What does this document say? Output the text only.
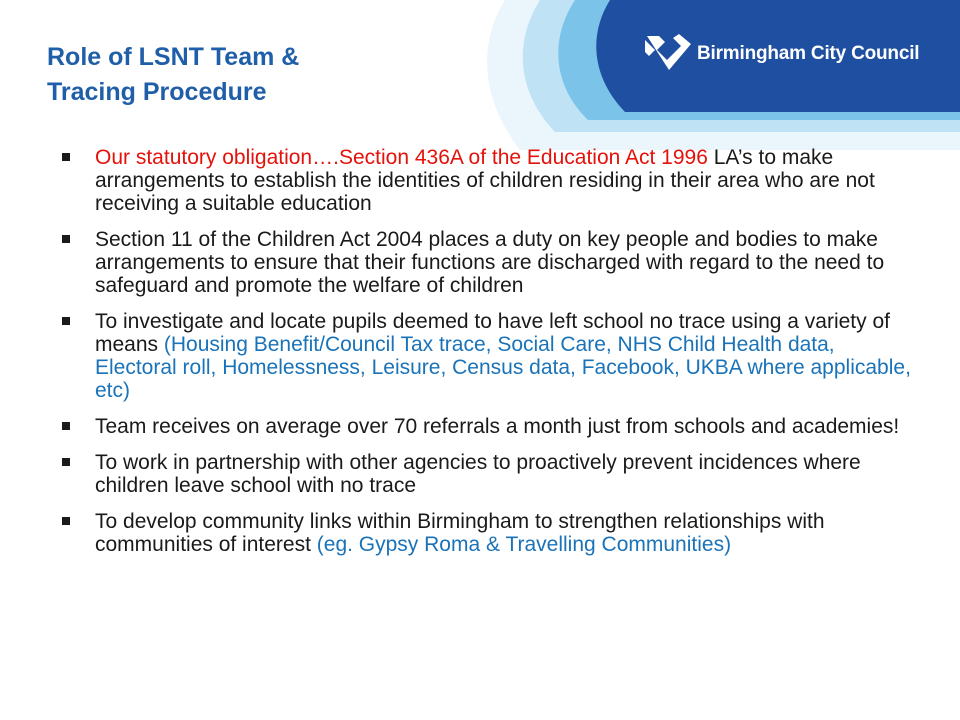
Role of LSNT Team &
Tracing Procedure
Birmingham City Council
Our statutory obligation….Section 436A of the Education Act 1996 LA’s to make arrangements to establish the identities of children residing in their area who are not receiving a suitable education
Section 11 of the Children Act 2004 places a duty on key people and bodies to make arrangements to ensure that their functions are discharged with regard to the need to safeguard and promote the welfare of children
To investigate and locate pupils deemed to have left school no trace using a variety of means (Housing Benefit/Council Tax trace, Social Care, NHS Child Health data, Electoral roll, Homelessness, Leisure, Census data, Facebook, UKBA where applicable, etc)
Team receives on average over 70 referrals a month just from schools and academies!
To work in partnership with other agencies to proactively prevent incidences where children leave school with no trace
To develop community links within Birmingham to strengthen relationships with communities of interest (eg. Gypsy Roma & Travelling Communities)
